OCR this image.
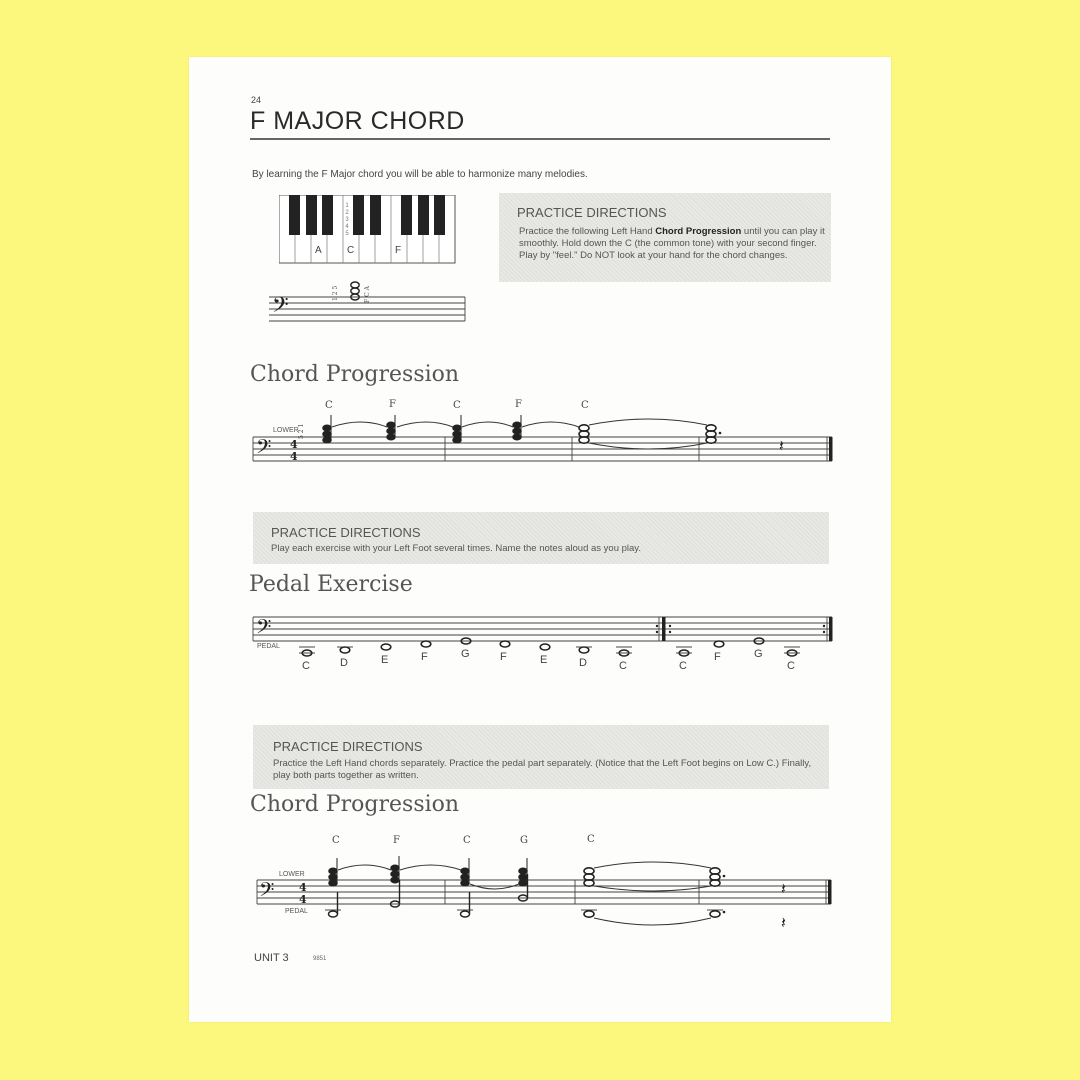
24
F MAJOR CHORD
By learning the F Major chord you will be able to harmonize many melodies.
A	C	F
1
2
3
4
5
𝄢	1 2 5	F C A
PRACTICE DIRECTIONS
Practice the following Left Hand Chord Progression until you can play it smoothly. Hold down the C (the common tone) with your second finger. Play by "feel." Do NOT look at your hand for the chord changes.
Chord Progression
LOWER
C	F	C	F	C
𝄢 4
4
5 2 1
𝄽
PRACTICE DIRECTIONS
Play each exercise with your Left Foot several times. Name the notes aloud as you play.
Pedal Exercise
PEDAL
𝄢
C	D	E	F	G	F	E	D	C	C
F	G
C
PRACTICE DIRECTIONS
Practice the Left Hand chords separately. Practice the pedal part separately. (Notice that the Left Foot begins on Low C.) Finally, play both parts together as written.
Chord Progression
C	F	C	G	C
LOWER
PEDAL
𝄢 4
4
𝄽
𝄽
UNIT 3	9851
